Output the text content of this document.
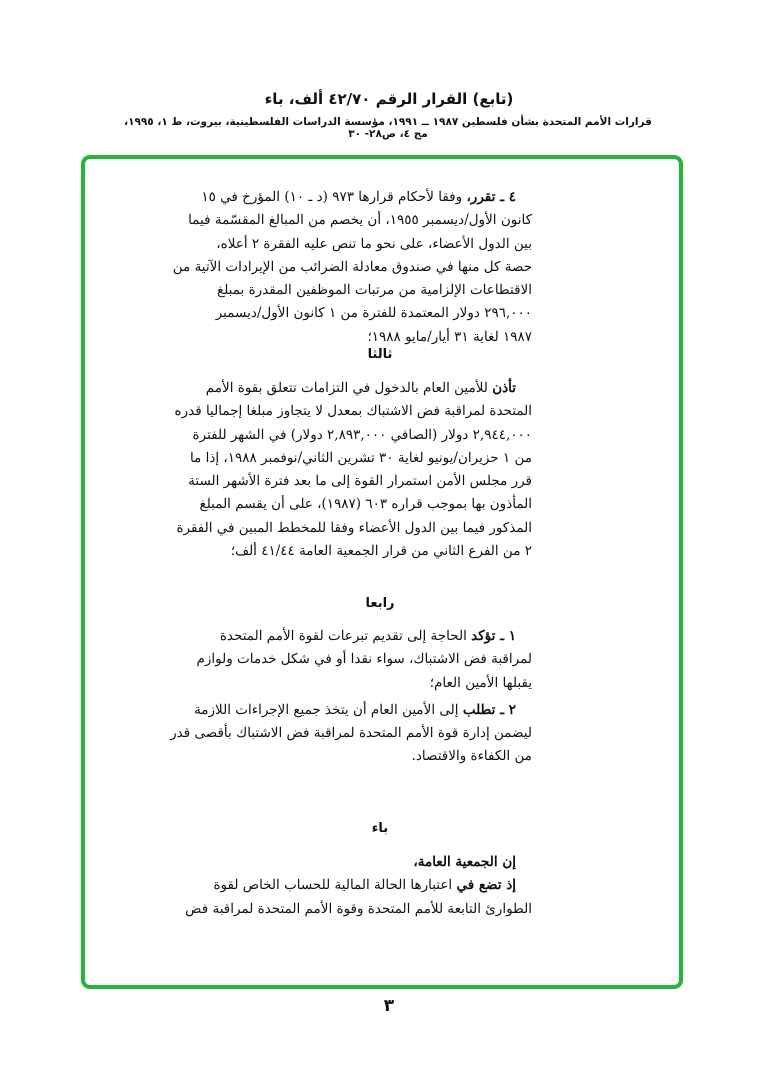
(تابع) القرار الرقم ٤٢/٧٠ ألف، باء
قرارات الأمم المتحدة بشأن فلسطين ١٩٨٧ ــ ١٩٩١، مؤسسة الدراسات الفلسطينية، بيروت، ط ١، ١٩٩٥، مج ٤، ص٢٨- ٣٠
٤ ـ تقرر، وفقا لأحكام قرارها ٩٧٣ (د ـ ١٠) المؤرخ في ١٥
كانون الأول/ديسمبر ١٩٥٥، أن يخصم من المبالغ المقسّمة فيما
بين الدول الأعضاء، على نحو ما تنص عليه الفقرة ٢ أعلاه،
حصة كل منها في صندوق معادلة الضرائب من الإيرادات الآتية من
الاقتطاعات الإلزامية من مرتبات الموظفين المقدرة بمبلغ
٢٩٦,٠٠٠ دولار المعتمدة للفترة من ١ كانون الأول/ديسمبر
١٩٨٧ لغاية ٣١ أيار/مايو ١٩٨٨؛
ثالثا
تأذن للأمين العام بالدخول في التزامات تتعلق بقوة الأمم
المتحدة لمراقبة فض الاشتباك بمعدل لا يتجاوز مبلغا إجماليا قدره
٢,٩٤٤,٠٠٠ دولار (الصافي ٢,٨٩٣,٠٠٠ دولار) في الشهر للفترة
من ١ حزيران/يونيو لغاية ٣٠ تشرين الثاني/نوفمبر ١٩٨٨، إذا ما
قرر مجلس الأمن استمرار القوة إلى ما بعد فترة الأشهر الستة
المأذون بها بموجب قراره ٦٠٣ (١٩٨٧)، على أن يقسم المبلغ
المذكور فيما بين الدول الأعضاء وفقا للمخطط المبين في الفقرة
٢ من الفرع الثاني من قرار الجمعية العامة ٤١/٤٤ ألف؛
رابعا
١ ـ تؤكد الحاجة إلى تقديم تبرعات لقوة الأمم المتحدة
لمراقبة فض الاشتباك، سواء نقدا أو في شكل خدمات ولوازم
يقبلها الأمين العام؛
٢ ـ تطلب إلى الأمين العام أن يتخذ جميع الإجراءات اللازمة
ليضمن إدارة قوة الأمم المتحدة لمراقبة فض الاشتباك بأقصى قدر
من الكفاءة والاقتصاد.
باء
إن الجمعية العامة،
إذ تضع في اعتبارها الحالة المالية للحساب الخاص لقوة
الطوارئ التابعة للأمم المتحدة وقوة الأمم المتحدة لمراقبة فض
٣
